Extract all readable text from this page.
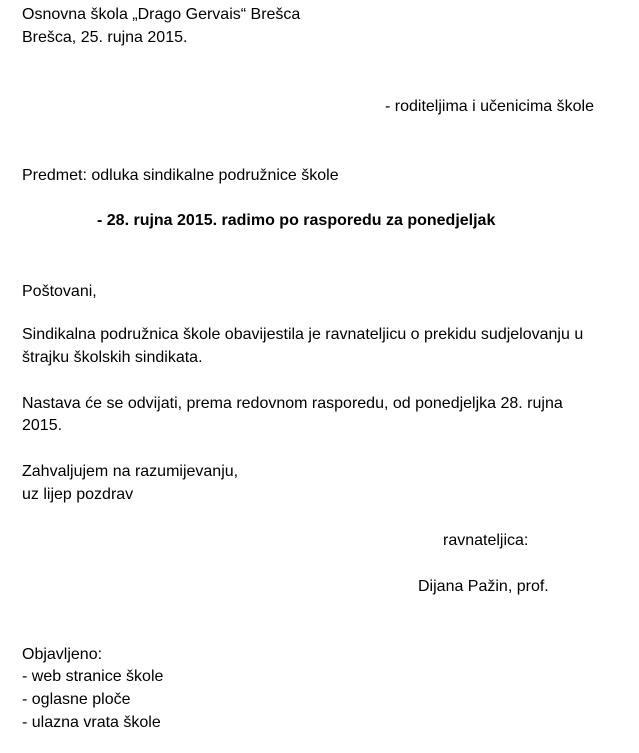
Osnovna škola „Drago Gervais“ Brešca
Brešca, 25. rujna 2015.
- roditeljima i učenicima škole
Predmet: odluka sindikalne podružnice škole
- 28. rujna 2015. radimo po rasporedu za ponedjeljak
Poštovani,
Sindikalna podružnica škole obavijestila je ravnateljicu o prekidu sudjelovanju u
štrajku školskih sindikata.
Nastava će se odvijati, prema redovnom rasporedu, od ponedjeljka 28. rujna
2015.
Zahvaljujem na razumijevanju,
uz lijep pozdrav
ravnateljica:
Dijana Pažin, prof.
Objavljeno:
- web stranice škole
- oglasne ploče
- ulazna vrata škole
